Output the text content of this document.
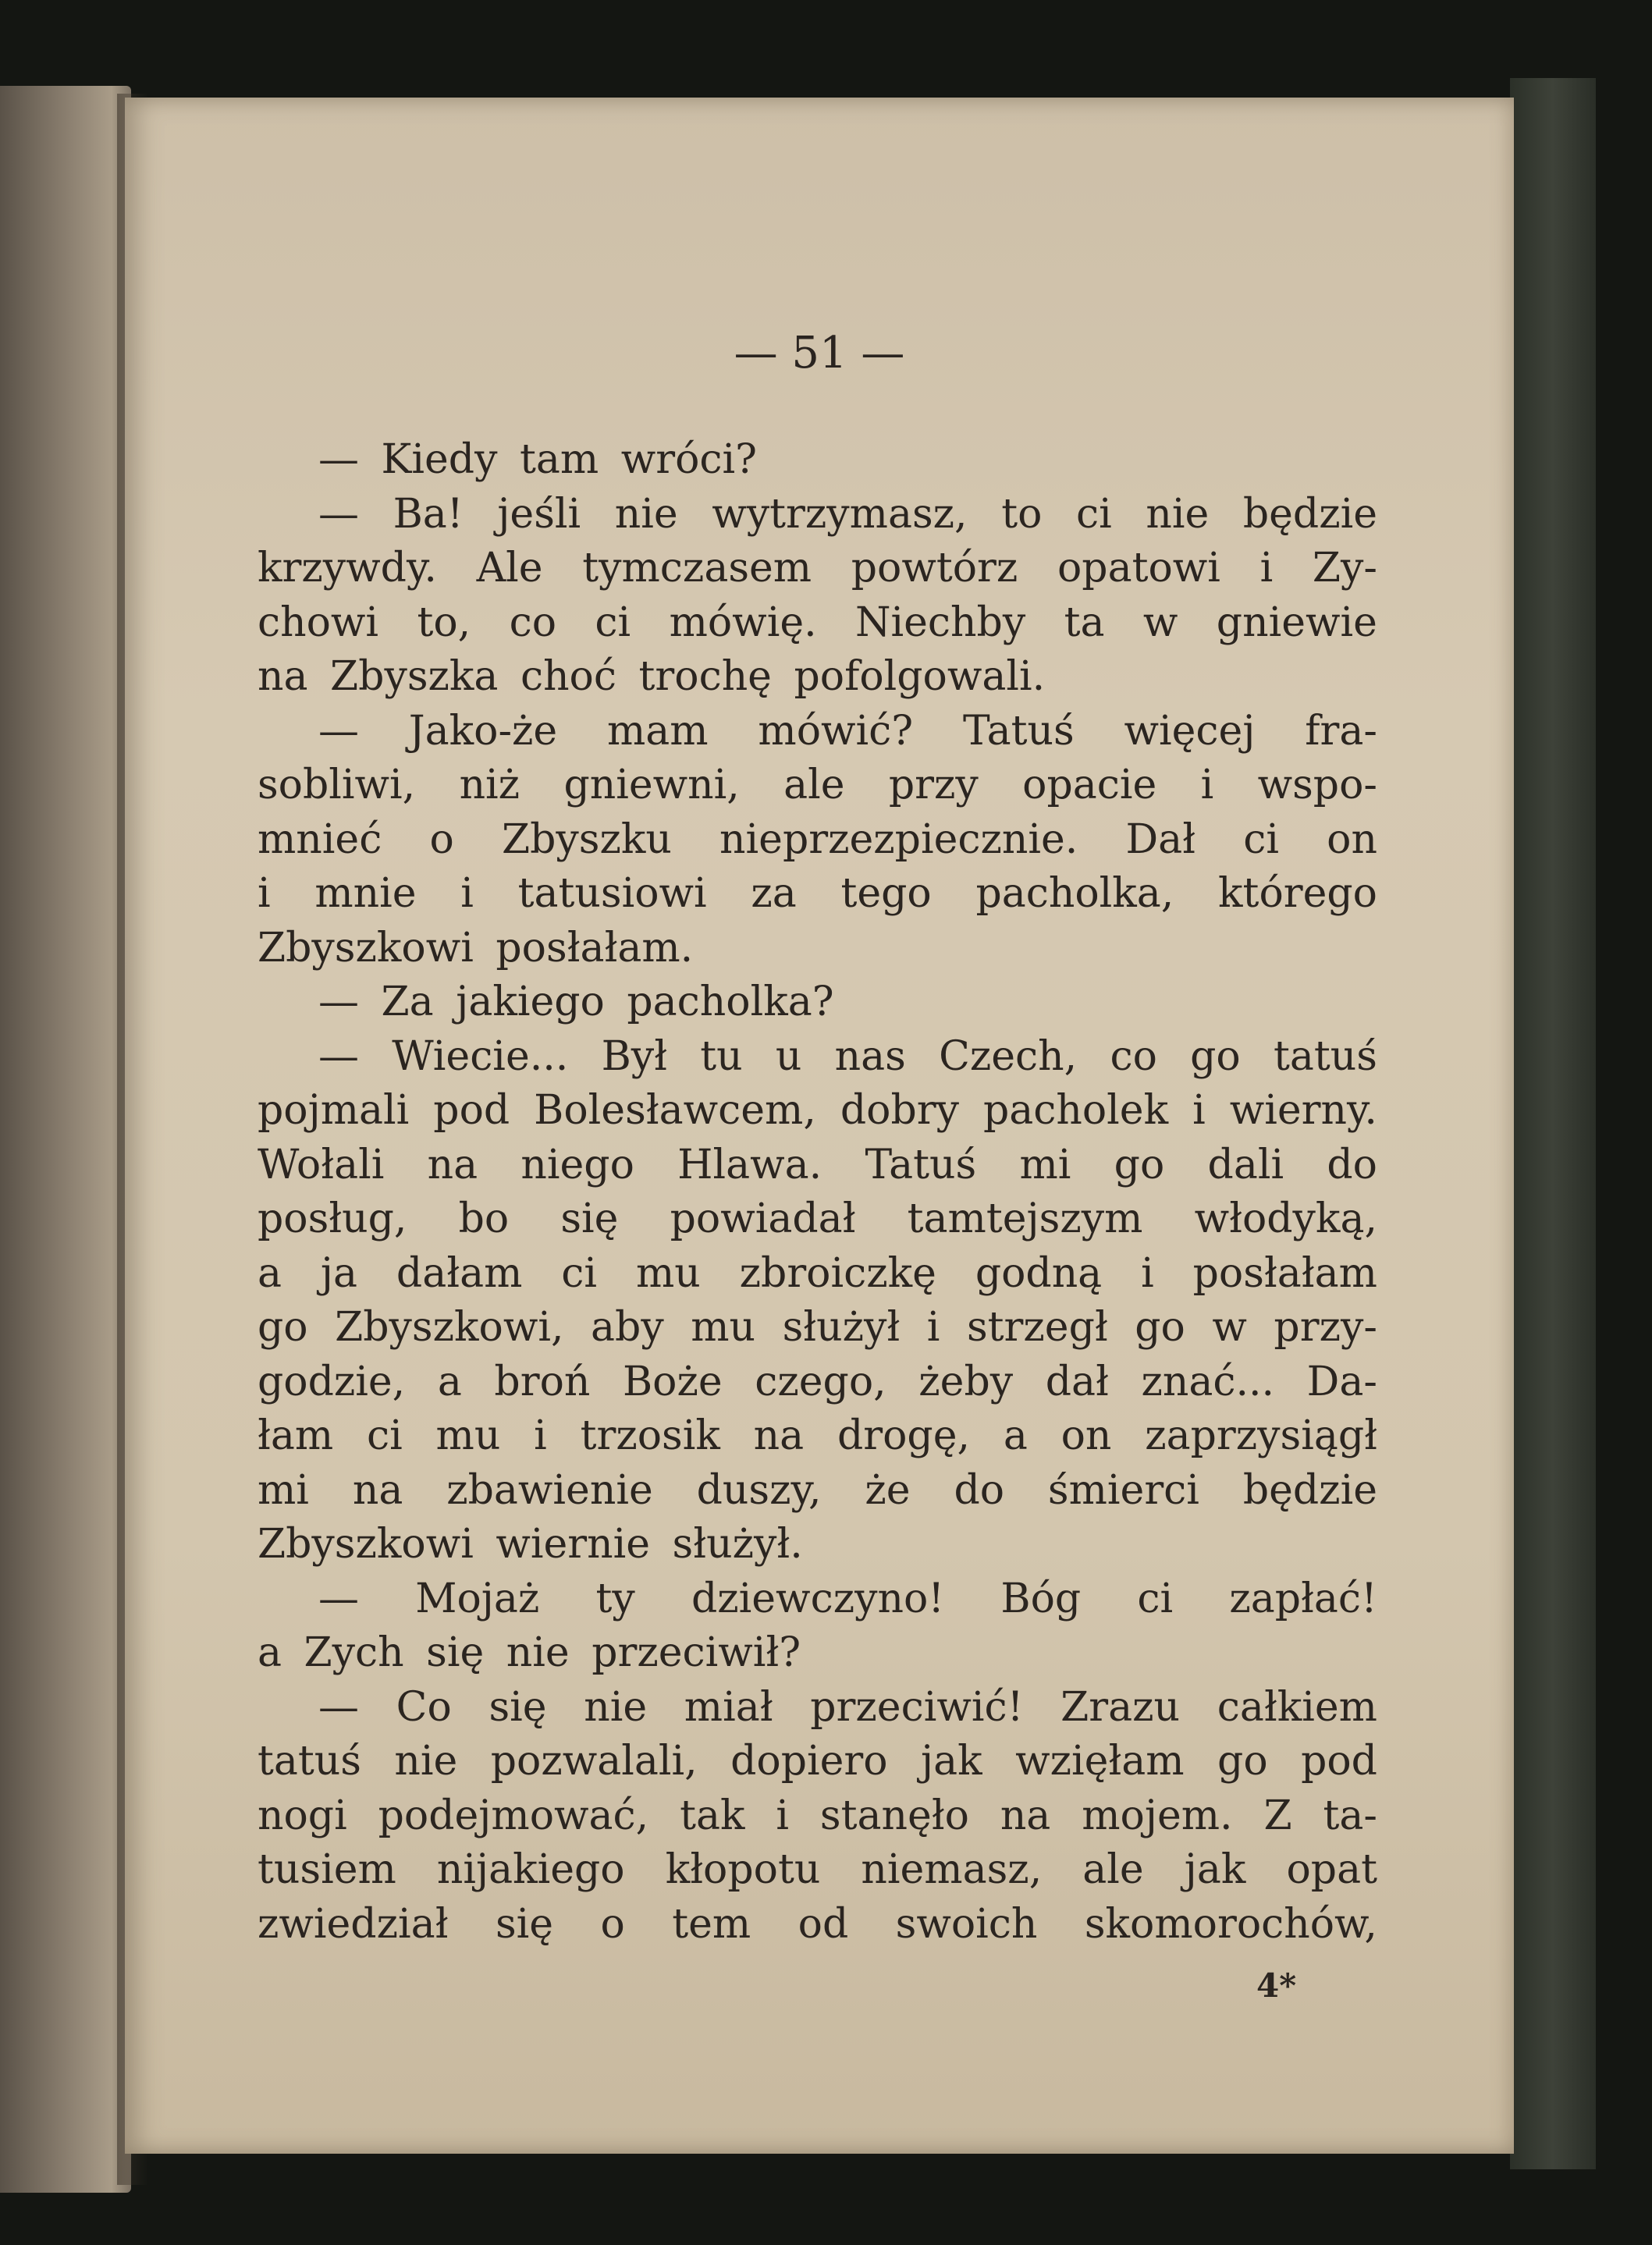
— 51 —
— Kiedy tam wróci?
— Ba! jeśli nie wytrzymasz, to ci nie będzie
krzywdy. Ale tymczasem powtórz opatowi i Zy-
chowi to, co ci mówię. Niechby ta w gniewie
na Zbyszka choć trochę pofolgowali.
— Jako-że mam mówić? Tatuś więcej fra-
sobliwi, niż gniewni, ale przy opacie i wspo-
mnieć o Zbyszku nieprzezpiecznie. Dał ci on
i mnie i tatusiowi za tego pacholka, którego
Zbyszkowi posłałam.
— Za jakiego pacholka?
— Wiecie... Był tu u nas Czech, co go tatuś
pojmali pod Bolesławcem, dobry pacholek i wierny.
Wołali na niego Hlawa. Tatuś mi go dali do
posług, bo się powiadał tamtejszym włodyką,
a ja dałam ci mu zbroiczkę godną i posłałam
go Zbyszkowi, aby mu służył i strzegł go w przy-
godzie, a broń Boże czego, żeby dał znać... Da-
łam ci mu i trzosik na drogę, a on zaprzysiągł
mi na zbawienie duszy, że do śmierci będzie
Zbyszkowi wiernie służył.
— Mojaż ty dziewczyno! Bóg ci zapłać!
a Zych się nie przeciwił?
— Co się nie miał przeciwić! Zrazu całkiem
tatuś nie pozwalali, dopiero jak wzięłam go pod
nogi podejmować, tak i stanęło na mojem. Z ta-
tusiem nijakiego kłopotu niemasz, ale jak opat
zwiedział się o tem od swoich skomorochów,
4*
